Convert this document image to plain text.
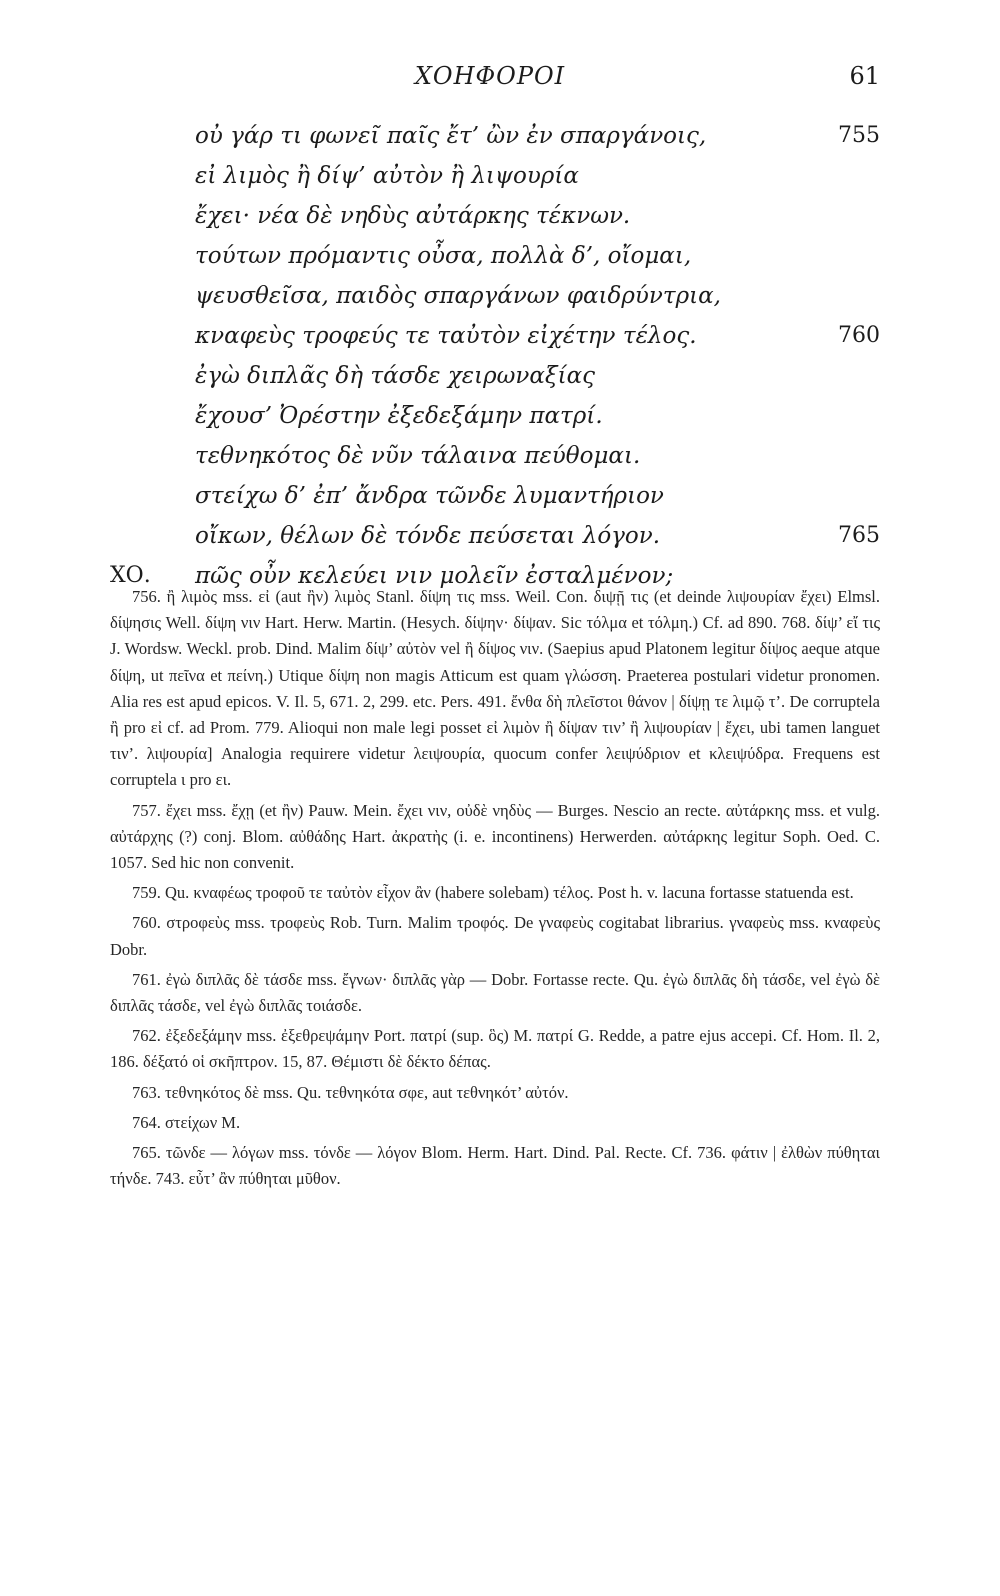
ΧΟΗΦΟΡΟΙ	61
οὐ γάρ τι φωνεῖ παῖς ἔτ’ ὢν ἐν σπαργάνοις,	755
εἰ λιμὸς ἢ δίψ’ αὐτὸν ἢ λιψουρία
ἔχει· νέα δὲ νηδὺς αὐτάρκης τέκνων.
τούτων πρόμαντις οὖσα, πολλὰ δ’, οἴομαι,
ψευσθεῖσα, παιδὸς σπαργάνων φαιδρύντρια,
κναφεὺς τροφεύς τε ταὐτὸν εἰχέτην τέλος.	760
ἐγὼ διπλᾶς δὴ τάσδε χειρωναξίας
ἔχουσ’ Ὀρέστην ἐξεδεξάμην πατρί.
τεθνηκότος δὲ νῦν τάλαινα πεύθομαι.
στείχω δ’ ἐπ’ ἄνδρα τῶνδε λυμαντήριον
οἴκων, θέλων δὲ τόνδε πεύσεται λόγον.	765
ΧΟ. πῶς οὖν κελεύει νιν μολεῖν ἐσταλμένον;

756. ἢ λιμὸς mss. εἰ (aut ἢν) λιμὸς Stanl. δίψη τις mss. Weil. Con. διψῇ τις (et deinde λιψουρίαν ἔχει) Elmsl. δίψησις Well. δίψη νιν Hart. Herw. Martin. (Hesych. δίψην· δίψαν. Sic τόλμα et τόλμη.) Cf. ad 890. 768. δίψ’ εἴ τις J. Wordsw. Weckl. prob. Dind. Malim δίψ’ αὐτὸν vel ἢ δίψος νιν. (Saepius apud Platonem legitur δίψος aeque atque δίψη, ut πεῖνα et πείνη.) Utique δίψη non magis Atticum est quam γλώσση. Praeterea postulari videtur pronomen. Alia res est apud epicos. V. Il. 5, 671. 2, 299. etc. Pers. 491. ἔνθα δὴ πλεῖστοι θάνον | δίψῃ τε λιμῷ τ’. De corruptela ἢ pro εἰ cf. ad Prom. 779. Alioqui non male legi posset εἰ λιμὸν ἢ δίψαν τιν’ ἢ λιψουρίαν | ἔχει, ubi tamen languet τιν’. λιψουρία] Analogia requirere videtur λειψουρία, quocum confer λειψύδριον et κλειψύδρα. Frequens est corruptela ι pro ει.

757. ἔχει mss. ἔχῃ (et ἢν) Pauw. Mein. ἔχει νιν, οὐδὲ νηδὺς — Burges. Nescio an recte. αὐτάρκης mss. et vulg. αὐτάρχης (?) conj. Blom. αὐθάδης Hart. ἀκρατὴς (i. e. incontinens) Herwerden. αὐτάρκης legitur Soph. Oed. C. 1057. Sed hic non convenit.

759. Qu. κναφέως τροφοῦ τε ταὐτὸν εἶχον ἂν (habere solebam) τέλος. Post h. v. lacuna fortasse statuenda est.

760. στροφεὺς mss. τροφεὺς Rob. Turn. Malim τροφός. De γναφεὺς cogitabat librarius. γναφεὺς mss. κναφεὺς Dobr.

761. ἐγὼ διπλᾶς δὲ τάσδε mss. ἔγνων· διπλᾶς γὰρ — Dobr. Fortasse recte. Qu. ἐγὼ διπλᾶς δὴ τάσδε, vel ἐγὼ δὲ διπλᾶς τάσδε, vel ἐγὼ διπλᾶς τοιάσδε.

762. ἐξεδεξάμην mss. ἐξεθρεψάμην Port. πατρί (sup. ὃς) M. πατρί G. Redde, a patre ejus accepi. Cf. Hom. Il. 2, 186. δέξατό οἱ σκῆπτρον. 15, 87. Θέμιστι δὲ δέκτο δέπας.

763. τεθνηκότος δὲ mss. Qu. τεθνηκότα σφε, aut τεθνηκότ’ αὐτόν.

764. στείχων M.

765. τῶνδε — λόγων mss. τόνδε — λόγον Blom. Herm. Hart. Dind. Pal. Recte. Cf. 736. φάτιν | ἐλθὼν πύθηται τήνδε. 743. εὖτ’ ἂν πύθηται μῦθον.
